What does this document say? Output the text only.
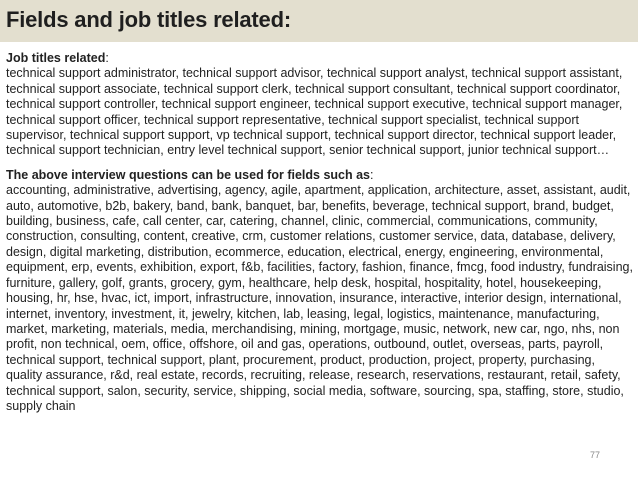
Fields and job titles related:

Job titles related:

technical support administrator, technical support advisor, technical support analyst, technical support assistant, technical support associate, technical support clerk, technical support consultant, technical support coordinator, technical support controller, technical support engineer, technical support executive, technical support manager, technical support officer, technical support representative, technical support specialist, technical support supervisor, technical support support, vp technical support, technical support director, technical support leader, technical support technician, entry level technical support, senior technical support, junior technical support…

The above interview questions can be used for fields such as:

accounting, administrative, advertising, agency, agile, apartment, application, architecture, asset, assistant, audit, auto, automotive, b2b, bakery, band, bank, banquet, bar, benefits, beverage, technical support, brand, budget, building, business, cafe, call center, car, catering, channel, clinic, commercial, communications, community, construction, consulting, content, creative, crm, customer relations, customer service, data, database, delivery, design, digital marketing, distribution, ecommerce, education, electrical, energy, engineering, environmental, equipment, erp, events, exhibition, export, f&b, facilities, factory, fashion, finance, fmcg, food industry, fundraising, furniture, gallery, golf, grants, grocery, gym, healthcare, help desk, hospital, hospitality, hotel, housekeeping, housing, hr, hse, hvac, ict, import, infrastructure, innovation, insurance, interactive, interior design, international, internet, inventory, investment, it, jewelry, kitchen, lab, leasing, legal, logistics, maintenance, manufacturing, market, marketing, materials, media, merchandising, mining, mortgage, music, network, new car, ngo, nhs, non profit, non technical, oem, office, offshore, oil and gas, operations, outbound, outlet, overseas, parts, payroll, technical support, technical support, plant, procurement, product, production, project, property, purchasing, quality assurance, r&d, real estate, records, recruiting, release, research, reservations, restaurant, retail, safety, technical support, salon, security, service, shipping, social media, software, sourcing, spa, staffing, store, studio, supply chain

77
